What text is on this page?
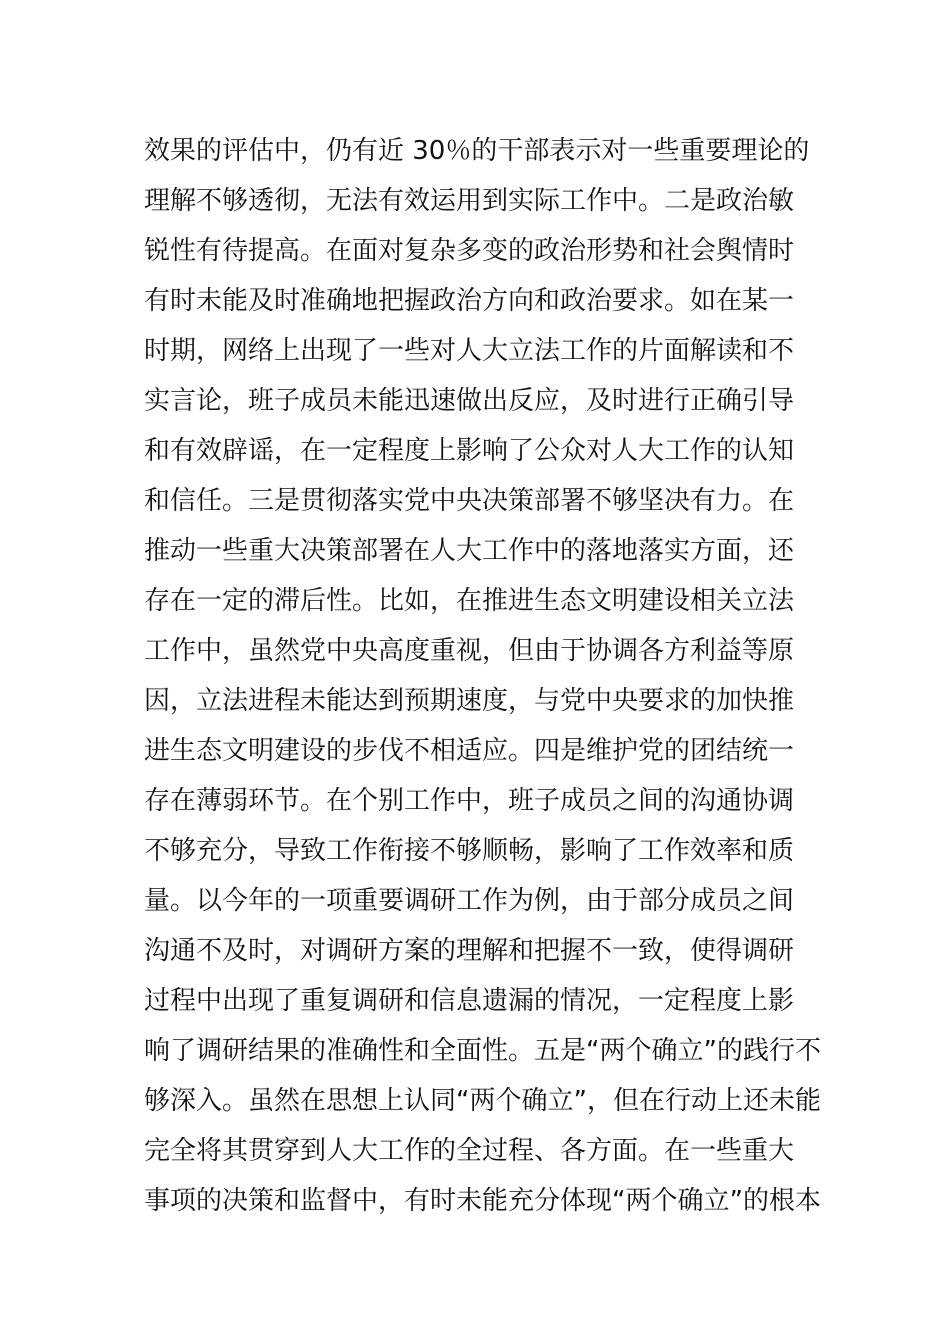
效果的评估中，仍有近 30％的干部表示对一些重要理论的
理解不够透彻，无法有效运用到实际工作中。二是政治敏
锐性有待提高。在面对复杂多变的政治形势和社会舆情时
有时未能及时准确地把握政治方向和政治要求。如在某一
时期，网络上出现了一些对人大立法工作的片面解读和不
实言论，班子成员未能迅速做出反应，及时进行正确引导
和有效辟谣，在一定程度上影响了公众对人大工作的认知
和信任。三是贯彻落实党中央决策部署不够坚决有力。在
推动一些重大决策部署在人大工作中的落地落实方面，还
存在一定的滞后性。比如，在推进生态文明建设相关立法
工作中，虽然党中央高度重视，但由于协调各方利益等原
因，立法进程未能达到预期速度，与党中央要求的加快推
进生态文明建设的步伐不相适应。四是维护党的团结统一
存在薄弱环节。在个别工作中，班子成员之间的沟通协调
不够充分，导致工作衔接不够顺畅，影响了工作效率和质
量。以今年的一项重要调研工作为例，由于部分成员之间
沟通不及时，对调研方案的理解和把握不一致，使得调研
过程中出现了重复调研和信息遗漏的情况，一定程度上影
响了调研结果的准确性和全面性。五是“两个确立”的践行不
够深入。虽然在思想上认同“两个确立”，但在行动上还未能
完全将其贯穿到人大工作的全过程、各方面。在一些重大
事项的决策和监督中，有时未能充分体现“两个确立”的根本
